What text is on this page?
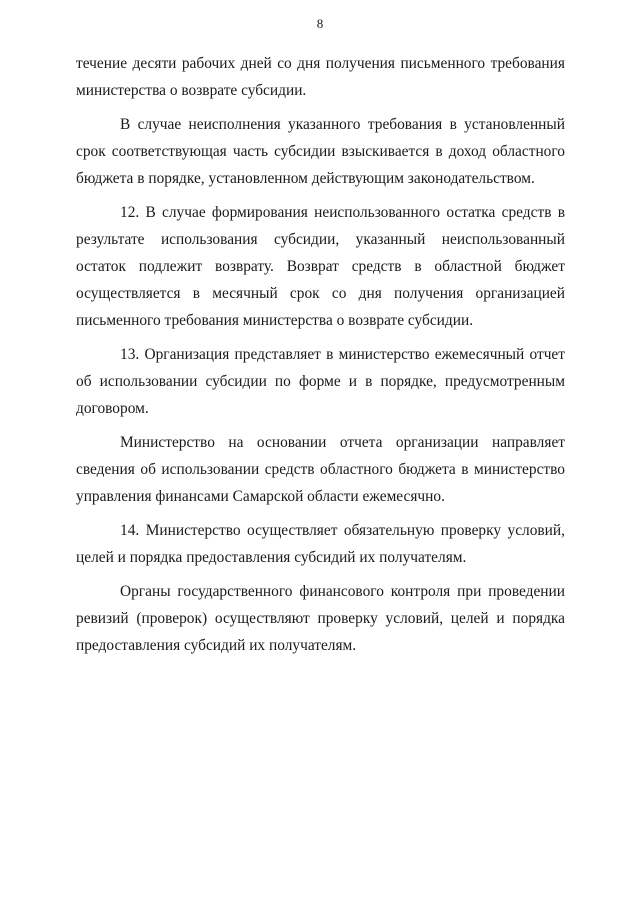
8

течение десяти рабочих дней со дня получения письменного требования министерства о возврате субсидии.

В случае неисполнения указанного требования в установленный срок соответствующая часть субсидии взыскивается в доход областного бюджета в порядке, установленном действующим законодательством.

12. В случае формирования неиспользованного остатка средств в результате использования субсидии, указанный неиспользованный остаток подлежит возврату. Возврат средств в областной бюджет осуществляется в месячный срок со дня получения организацией письменного требования министерства о возврате субсидии.

13. Организация представляет в министерство ежемесячный отчет об использовании субсидии по форме и в порядке, предусмотренным договором.

Министерство на основании отчета организации направляет сведения об использовании средств областного бюджета в министерство управления финансами Самарской области ежемесячно.

14. Министерство осуществляет обязательную проверку условий, целей и порядка предоставления субсидий их получателям.

Органы государственного финансового контроля при проведении ревизий (проверок) осуществляют проверку условий, целей и порядка предоставления субсидий их получателям.
